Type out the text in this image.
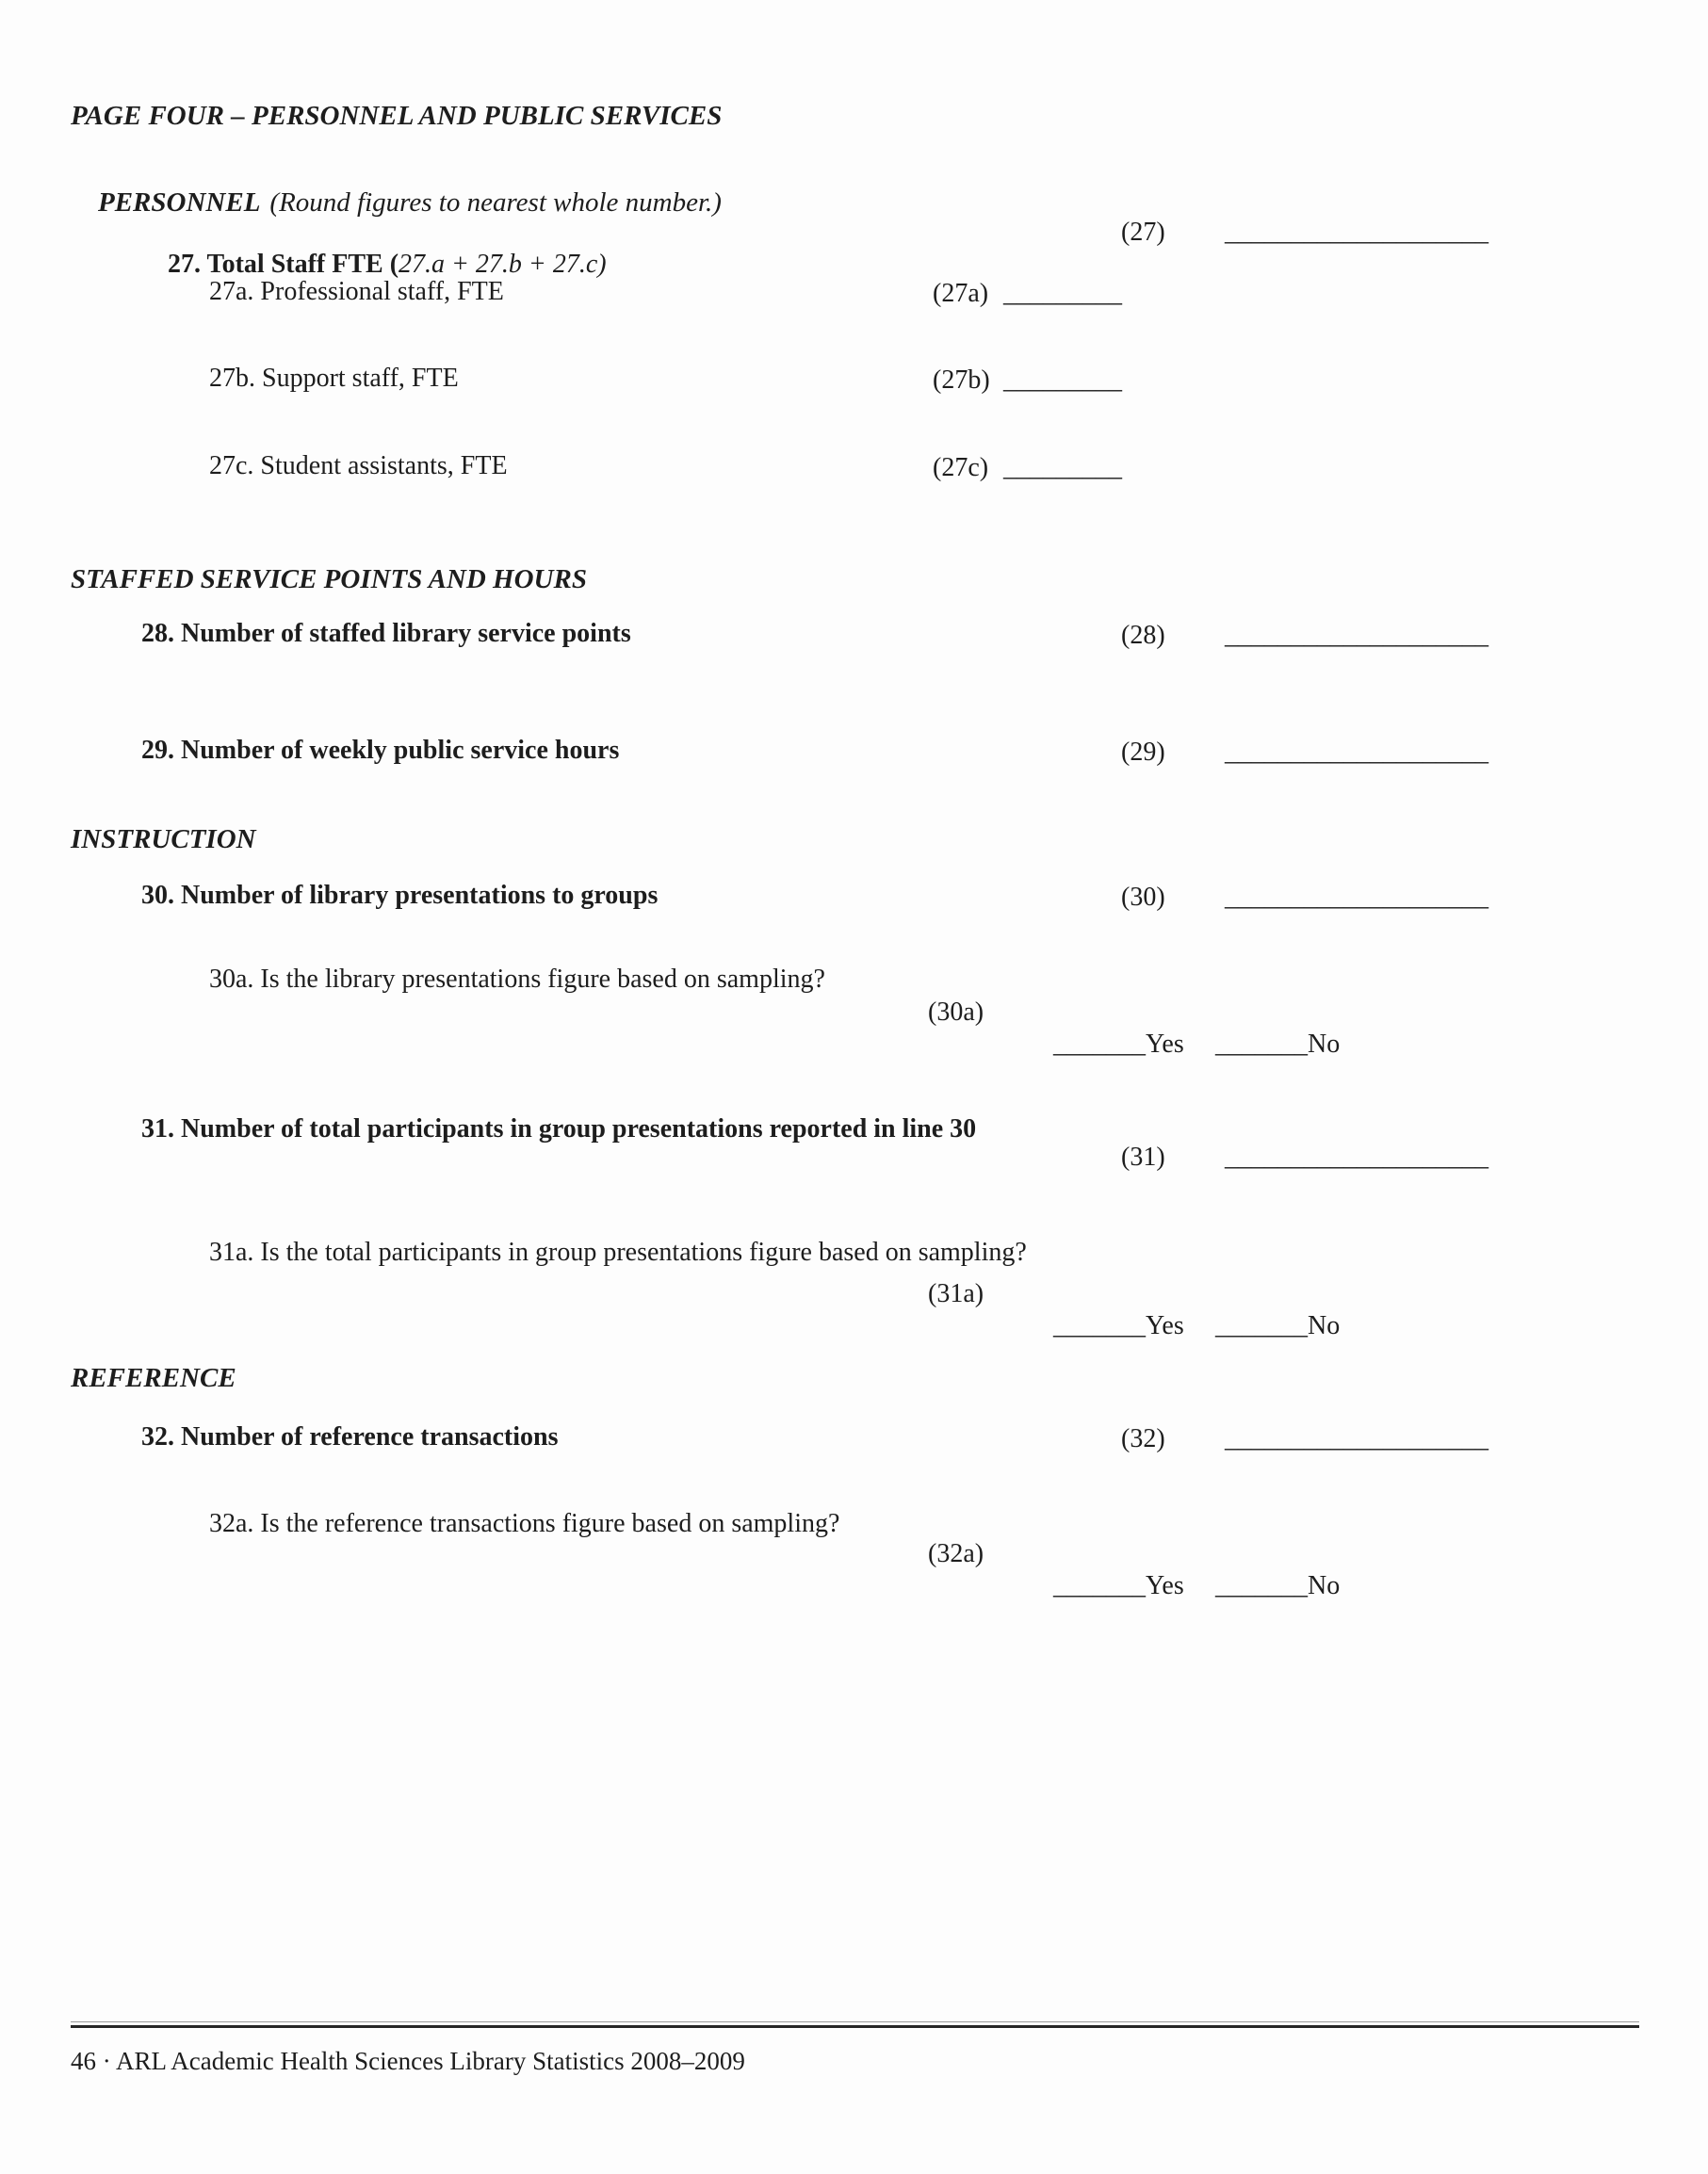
PAGE FOUR – PERSONNEL AND PUBLIC SERVICES

PERSONNEL (Round figures to nearest whole number.)

27. Total Staff FTE (27.a + 27.b + 27.c)

(27) ____________________
27a. Professional staff, FTE	(27a) _________
27b. Support staff, FTE	(27b) _________
27c. Student assistants, FTE	(27c) _________
STAFFED SERVICE POINTS AND HOURS
28. Number of staffed library service points	(28) ____________________
29. Number of weekly public service hours	(29) ____________________
INSTRUCTION
30. Number of library presentations to groups	(30) ____________________
30a. Is the library presentations figure based on sampling?
(30a)

_______Yes
	_______No

31. Number of total participants in group presentations reported in line 30
(31) ____________________
31a. Is the total participants in group presentations figure based on sampling?
(31a)

_______Yes
	_______No

REFERENCE
32. Number of reference transactions	(32) ____________________
32a. Is the reference transactions figure based on sampling?
(32a)

_______Yes
	_______No

46 · ARL Academic Health Sciences Library Statistics 2008–2009
